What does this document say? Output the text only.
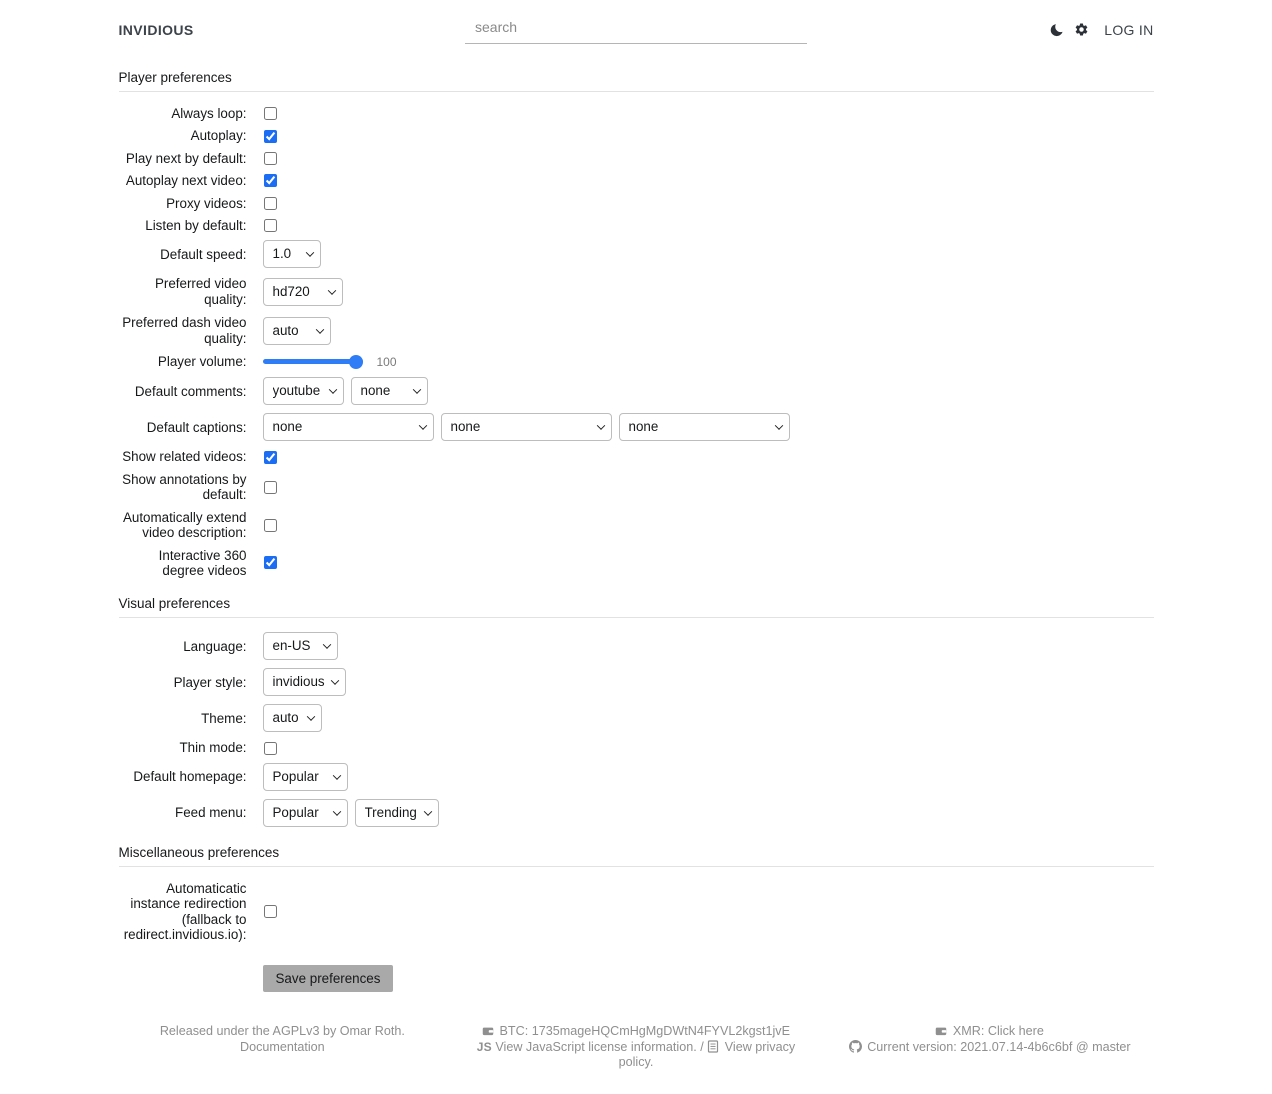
INVIDIOUS
search	LOG IN
Player preferences
Always loop:
Autoplay:
Play next by default:
Autoplay next video:
Proxy videos:
Listen by default:
Default speed:
1.0
Preferred video quality:
hd720
Preferred dash video quality:
auto
Player volume:	100
Default comments:
youtube
none
Default captions:
none
none
none
Show related videos:
Show annotations by default:
Automatically extend video description:
Interactive 360 degree videos
Visual preferences
Language:
en-US
Player style:
invidious
Theme:
auto
Thin mode:
Default homepage:
Popular
Feed menu:
Popular
Trending
Miscellaneous preferences
Automaticatic instance redirection (fallback to redirect.invidious.io):
Save preferences
Released under the AGPLv3 by Omar Roth.
Documentation
BTC: 1735mageHQCmHgMgDWtN4FYVL2kgst1jvE
JS View JavaScript license information. / View privacy policy.
XMR: Click here
Current version: 2021.07.14-4b6c6bf @ master
